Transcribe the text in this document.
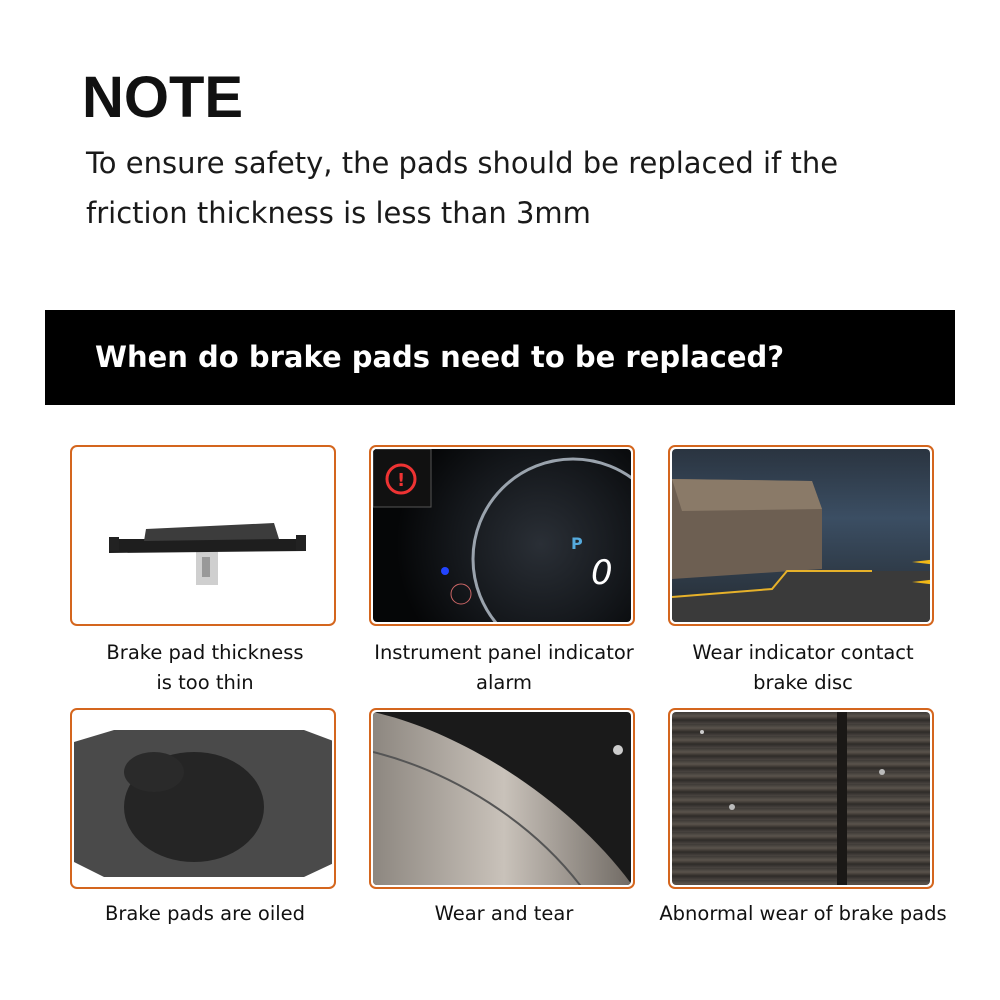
NOTE
To ensure safety, the pads should be replaced if the
friction thickness is less than 3mm
When do brake pads need to be replaced?
!
P
0
Brake pad thickness
is too thin
Instrument panel indicator
alarm
Wear indicator contact
brake disc
Brake pads are oiled	Wear and tear	Abnormal wear of brake pads
